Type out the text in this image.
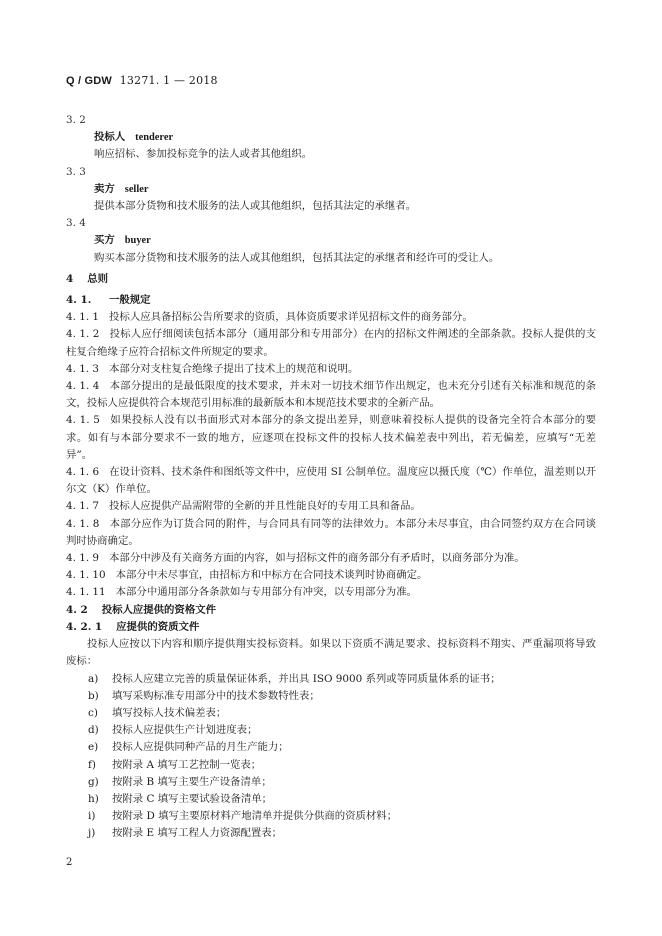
Q / GDW 13271. 1 — 2018
3. 2
投标人 tenderer
响应招标、参加投标竞争的法人或者其他组织。
3. 3
卖方 seller
提供本部分货物和技术服务的法人或其他组织，包括其法定的承继者。
3. 4
买方 buyer
购买本部分货物和技术服务的法人或其他组织，包括其法定的承继者和经许可的受让人。
4 总则
4. 1. 一般规定
4. 1. 1 投标人应具备招标公告所要求的资质，具体资质要求详见招标文件的商务部分。
4. 1. 2 投标人应仔细阅读包括本部分（通用部分和专用部分）在内的招标文件阐述的全部条款。投标人提供的支柱复合绝缘子应符合招标文件所规定的要求。
4. 1. 3 本部分对支柱复合绝缘子提出了技术上的规范和说明。
4. 1. 4 本部分提出的是最低限度的技术要求，并未对一切技术细节作出规定，也未充分引述有关标准和规范的条文，投标人应提供符合本规范引用标准的最新版本和本规范技术要求的全新产品。
4. 1. 5 如果投标人没有以书面形式对本部分的条文提出差异，则意味着投标人提供的设备完全符合本部分的要求。如有与本部分要求不一致的地方，应逐项在投标文件的投标人技术偏差表中列出，若无偏差，应填写“无差异”。
4. 1. 6 在设计资料、技术条件和图纸等文件中，应使用 SI 公制单位。温度应以摄氏度（℃）作单位，温差则以开尔文（K）作单位。
4. 1. 7 投标人应提供产品需附带的全新的并且性能良好的专用工具和备品。
4. 1. 8 本部分应作为订货合同的附件，与合同具有同等的法律效力。本部分未尽事宜，由合同签约双方在合同谈判时协商确定。
4. 1. 9 本部分中涉及有关商务方面的内容，如与招标文件的商务部分有矛盾时，以商务部分为准。
4. 1. 10 本部分中未尽事宜，由招标方和中标方在合同技术谈判时协商确定。
4. 1. 11 本部分中通用部分各条款如与专用部分有冲突，以专用部分为准。
4. 2 投标人应提供的资格文件
4. 2. 1 应提供的资质文件
投标人应按以下内容和顺序提供翔实投标资料。如果以下资质不满足要求、投标资料不翔实、严重漏项将导致废标：
a) 投标人应建立完善的质量保证体系，并出具 ISO 9000 系列或等同质量体系的证书；
b) 填写采购标准专用部分中的技术参数特性表；
c) 填写投标人技术偏差表；
d) 投标人应提供生产计划进度表；
e) 投标人应提供同种产品的月生产能力；
f) 按附录 A 填写工艺控制一览表；
g) 按附录 B 填写主要生产设备清单；
h) 按附录 C 填写主要试验设备清单；
i) 按附录 D 填写主要原材料产地清单并提供分供商的资质材料；
j) 按附录 E 填写工程人力资源配置表；
2
